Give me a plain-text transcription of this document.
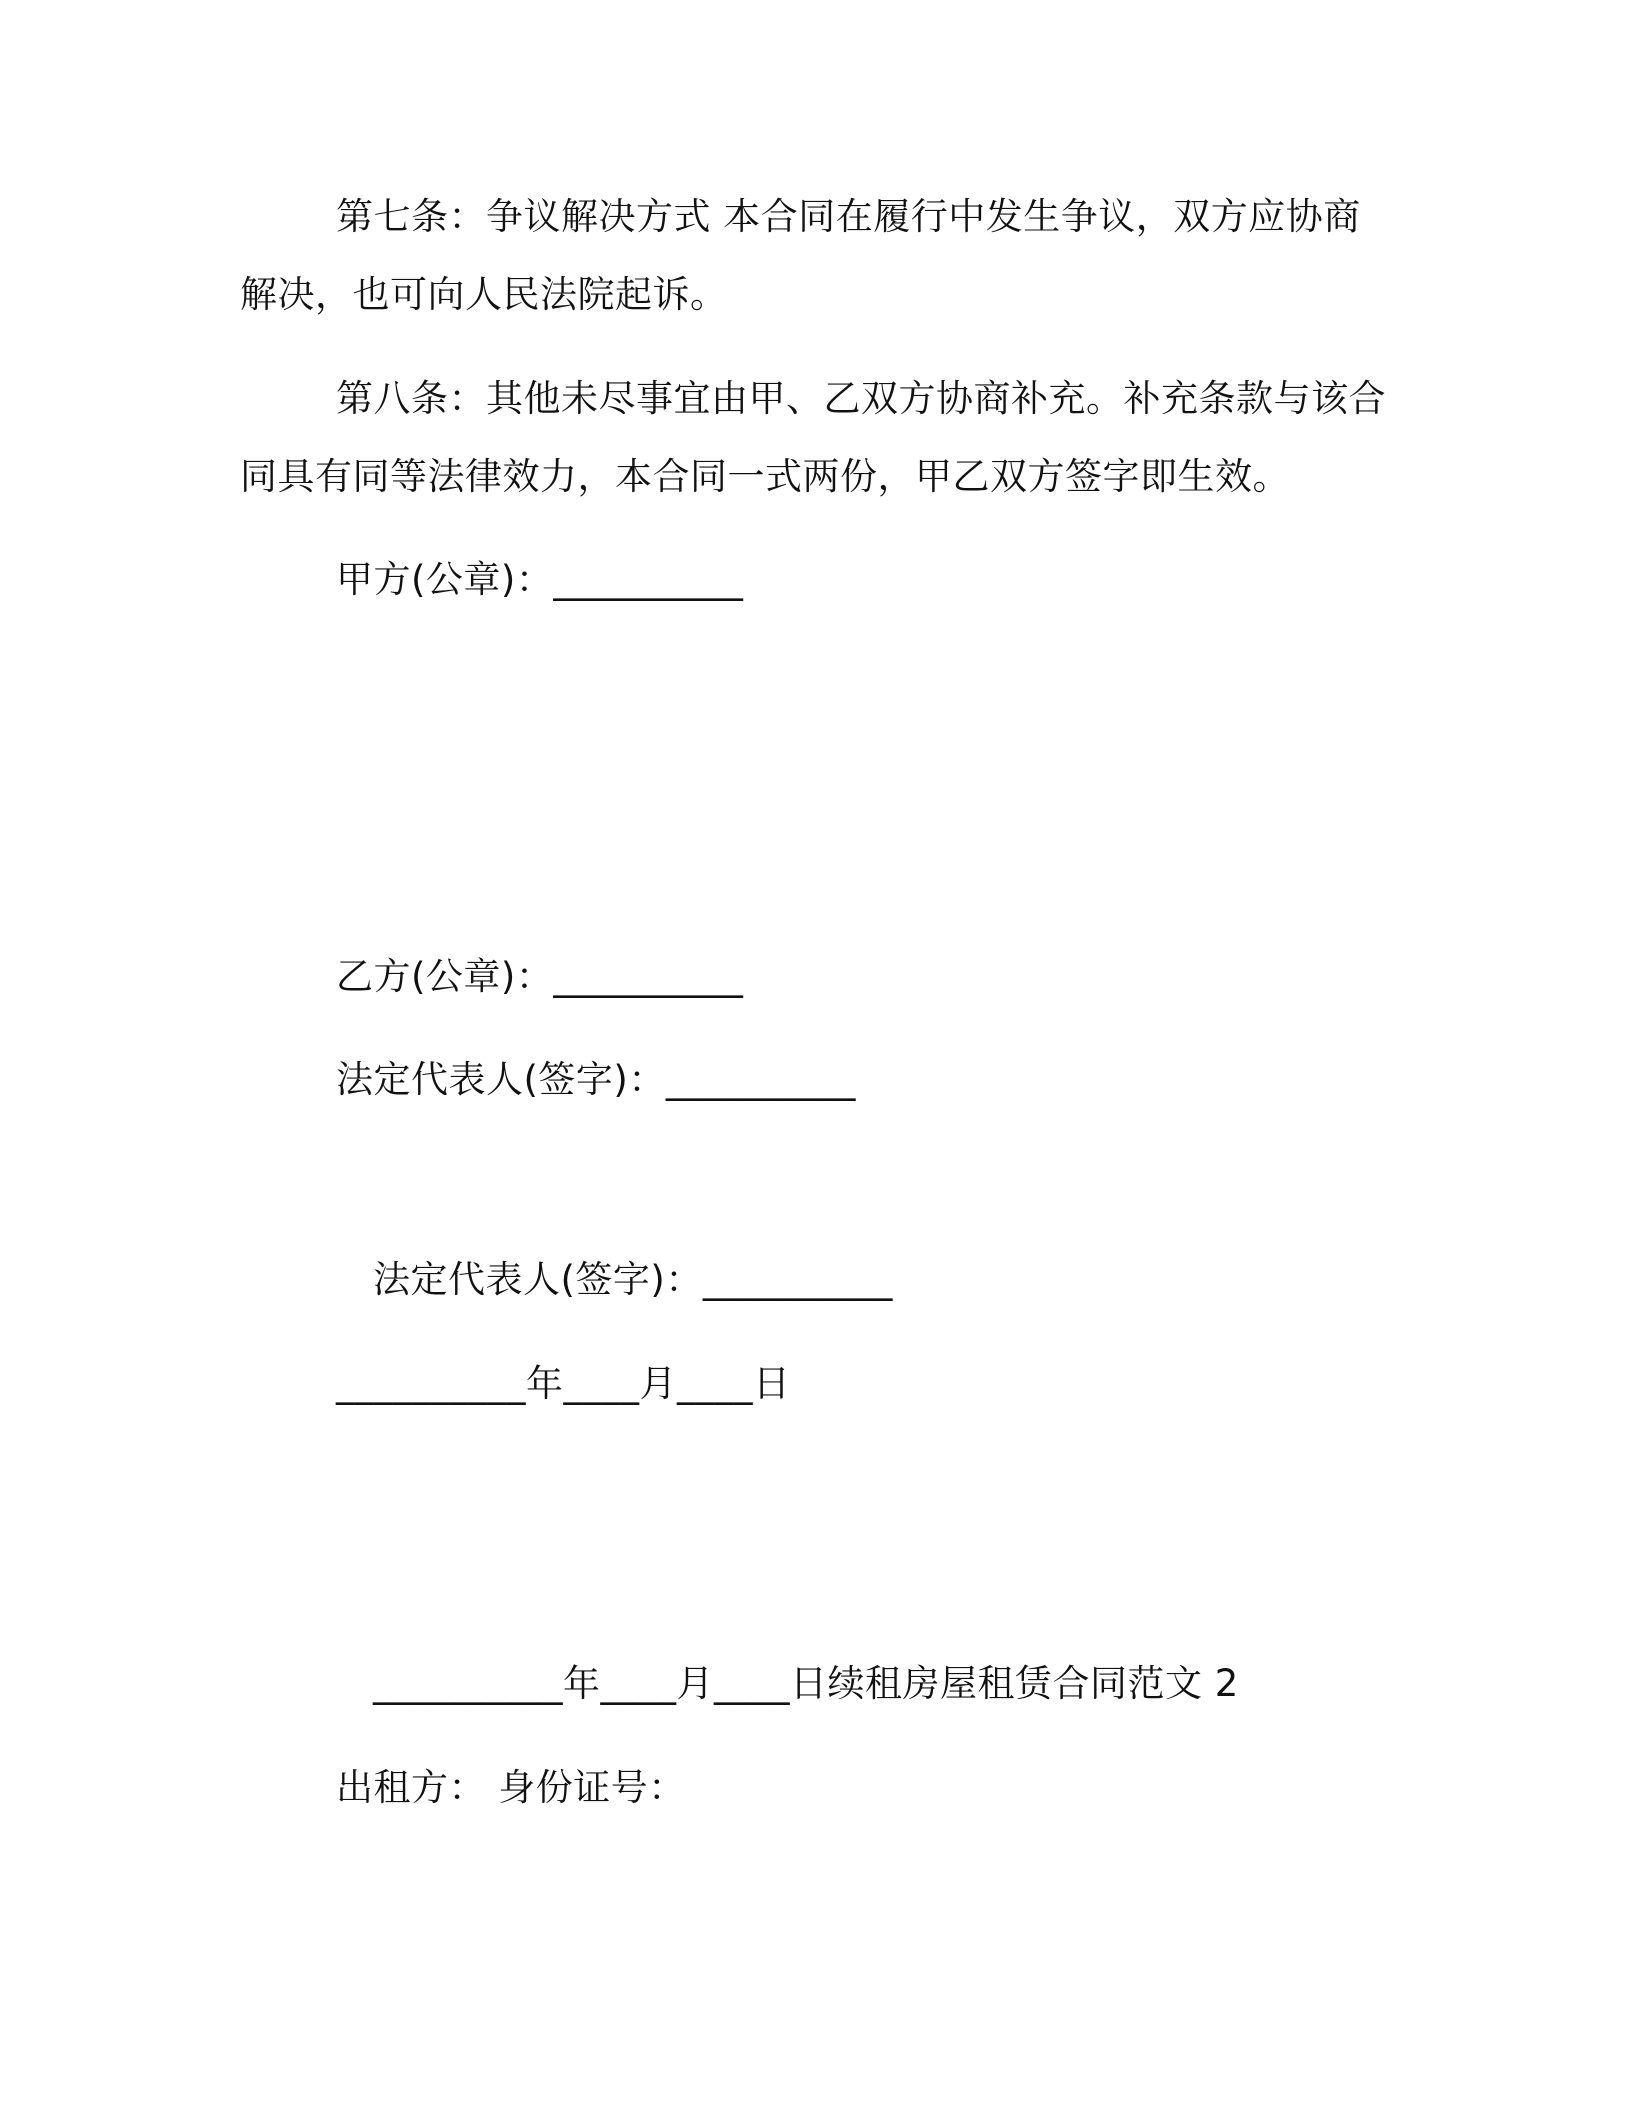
第七条：争议解决方式 本合同在履行中发生争议，双方应协商解决，也可向人民法院起诉。
第八条：其他未尽事宜由甲、乙双方协商补充。补充条款与该合同具有同等法律效力，本合同一式两份，甲乙双方签字即生效。
甲方(公章)：__________
乙方(公章)：__________
法定代表人(签字)：__________
法定代表人(签字)：__________
__________年____月____日
__________年____月____日续租房屋租赁合同范文 2
出租方： 身份证号：
